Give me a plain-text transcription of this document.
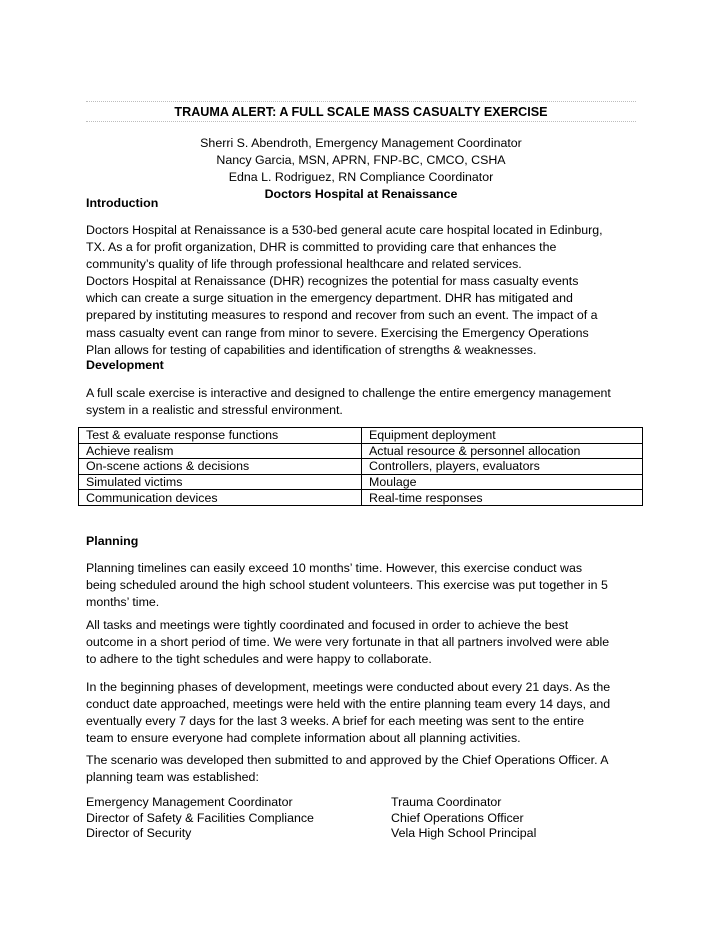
TRAUMA ALERT: A FULL SCALE MASS CASUALTY EXERCISE
Sherri S. Abendroth, Emergency Management Coordinator
Nancy Garcia, MSN, APRN, FNP-BC, CMCO, CSHA
Edna L. Rodriguez, RN Compliance Coordinator
Doctors Hospital at Renaissance
Introduction
Doctors Hospital at Renaissance is a 530-bed general acute care hospital located in Edinburg,
TX. As a for profit organization, DHR is committed to providing care that enhances the
community’s quality of life through professional healthcare and related services.
Doctors Hospital at Renaissance (DHR) recognizes the potential for mass casualty events
which can create a surge situation in the emergency department. DHR has mitigated and
prepared by instituting measures to respond and recover from such an event. The impact of a
mass casualty event can range from minor to severe. Exercising the Emergency Operations
Plan allows for testing of capabilities and identification of strengths & weaknesses.
Development
A full scale exercise is interactive and designed to challenge the entire emergency management
system in a realistic and stressful environment.
Test & evaluate response functions	Equipment deployment
Achieve realism	Actual resource & personnel allocation
On-scene actions & decisions	Controllers, players, evaluators
Simulated victims	Moulage
Communication devices	Real-time responses
Planning
Planning timelines can easily exceed 10 months’ time. However, this exercise conduct was
being scheduled around the high school student volunteers. This exercise was put together in 5
months’ time.
All tasks and meetings were tightly coordinated and focused in order to achieve the best
outcome in a short period of time. We were very fortunate in that all partners involved were able
to adhere to the tight schedules and were happy to collaborate.
In the beginning phases of development, meetings were conducted about every 21 days. As the
conduct date approached, meetings were held with the entire planning team every 14 days, and
eventually every 7 days for the last 3 weeks. A brief for each meeting was sent to the entire
team to ensure everyone had complete information about all planning activities.
The scenario was developed then submitted to and approved by the Chief Operations Officer. A
planning team was established:
Emergency Management Coordinator	Trauma Coordinator
Director of Safety & Facilities Compliance	Chief Operations Officer
Director of Security	Vela High School Principal
